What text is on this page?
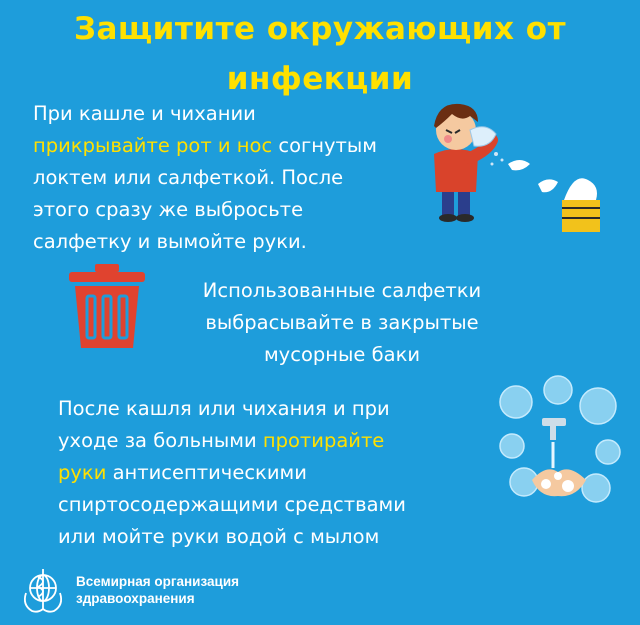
Защитите окружающих от
инфекции
При кашле и чихании
прикрывайте рот и нос согнутым
локтем или салфеткой. После
этого сразу же выбросьте
салфетку и вымойте руки.
Использованные салфетки
выбрасывайте в закрытые
мусорные баки
После кашля или чихания и при
уходе за больными протирайте
руки антисептическими
спиртосодержащими средствами
или мойте руки водой с мылом
Всемирная организация
здравоохранения
